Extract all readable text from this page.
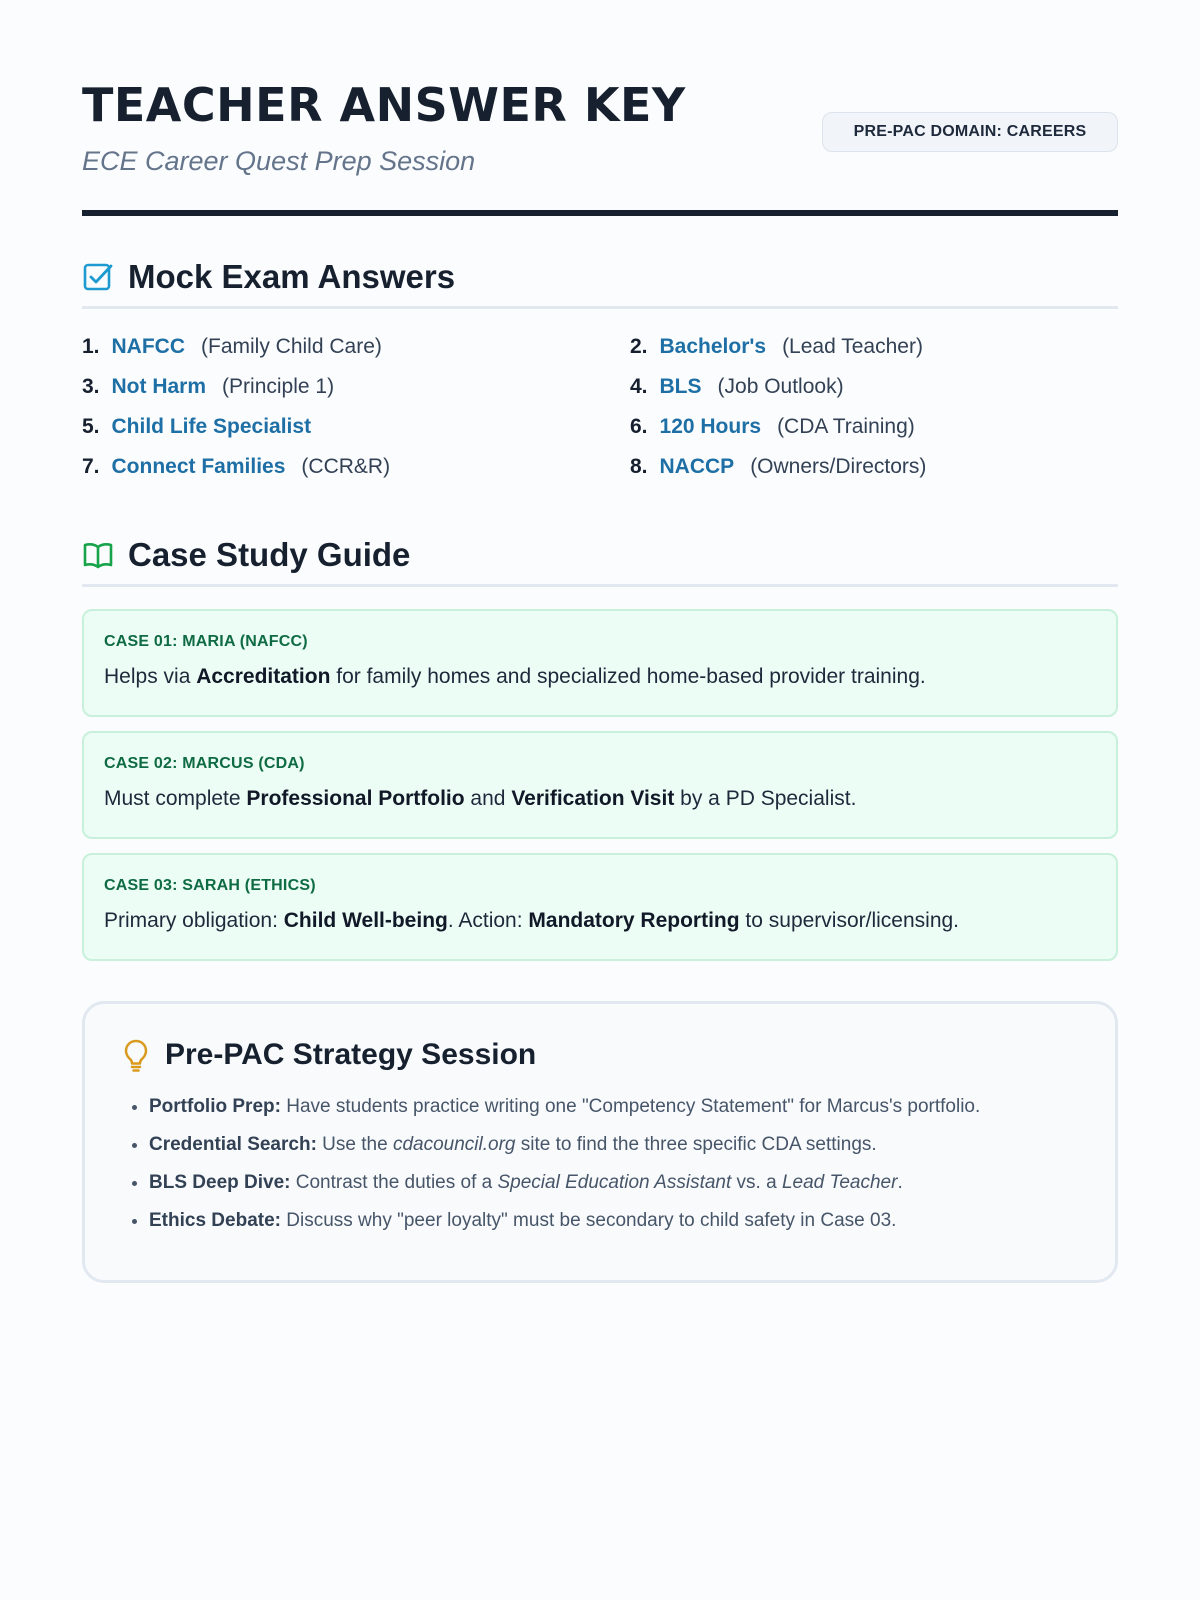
TEACHER ANSWER KEY
ECE Career Quest Prep Session
PRE-PAC DOMAIN: CAREERS
Mock Exam Answers
1. NAFCC (Family Child Care)	2. Bachelor's (Lead Teacher)
3. Not Harm (Principle 1)	4. BLS (Job Outlook)
5. Child Life Specialist	6. 120 Hours (CDA Training)
7. Connect Families (CCR&R)	8. NACCP (Owners/Directors)
Case Study Guide
CASE 01: MARIA (NAFCC)
Helps via Accreditation for family homes and specialized home-based provider training.
CASE 02: MARCUS (CDA)
Must complete Professional Portfolio and Verification Visit by a PD Specialist.
CASE 03: SARAH (ETHICS)
Primary obligation: Child Well-being. Action: Mandatory Reporting to supervisor/licensing.
Pre-PAC Strategy Session
• Portfolio Prep: Have students practice writing one "Competency Statement" for Marcus's portfolio.
• Credential Search: Use the cdacouncil.org site to find the three specific CDA settings.
• BLS Deep Dive: Contrast the duties of a Special Education Assistant vs. a Lead Teacher.
• Ethics Debate: Discuss why "peer loyalty" must be secondary to child safety in Case 03.
